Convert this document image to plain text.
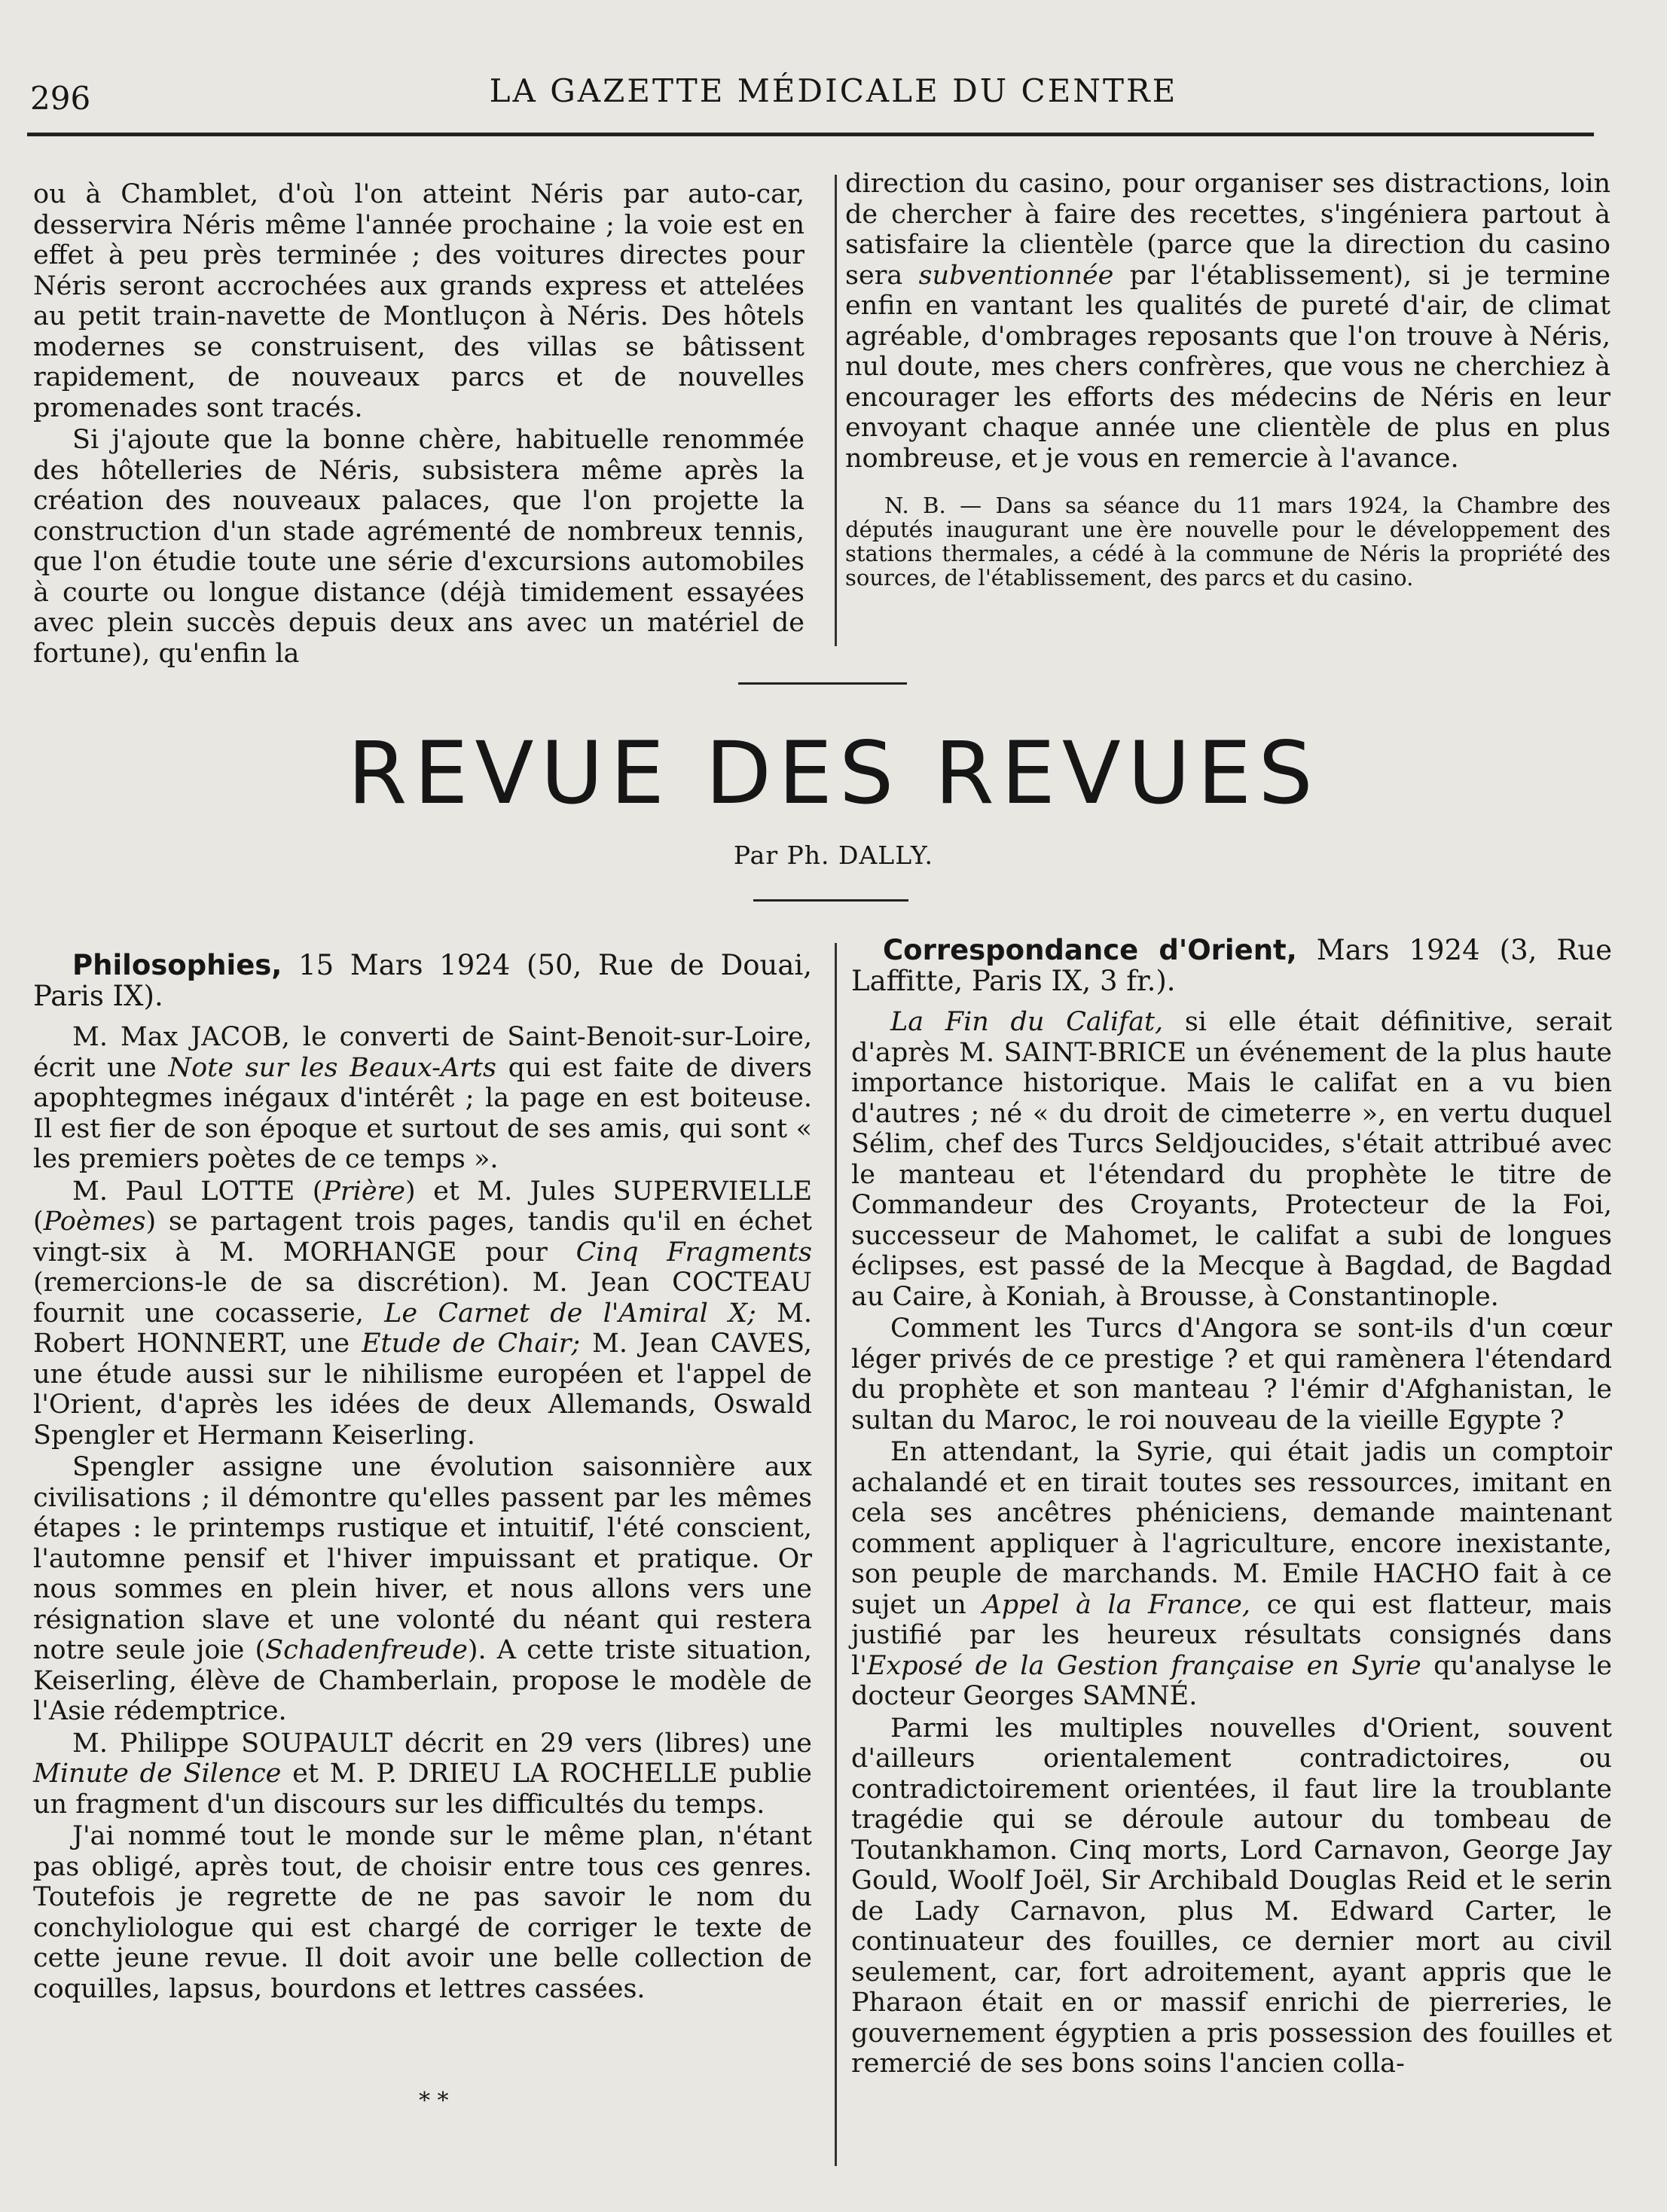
296	LA GAZETTE MÉDICALE DU CENTRE

ou à Chamblet, d'où l'on atteint Néris par auto-car, desservira Néris même l'année prochaine ; la voie est en effet à peu près terminée ; des voitures directes pour Néris seront accrochées aux grands express et attelées au petit train-navette de Montluçon à Néris. Des hôtels modernes se construisent, des villas se bâtissent rapidement, de nouveaux parcs et de nouvelles promenades sont tracés.

Si j'ajoute que la bonne chère, habituelle renommée des hôtelleries de Néris, subsistera même après la création des nouveaux palaces, que l'on projette la construction d'un stade agrémenté de nombreux tennis, que l'on étudie toute une série d'excursions automobiles à courte ou longue distance (déjà timidement essayées avec plein succès depuis deux ans avec un matériel de fortune), qu'enfin la

direction du casino, pour organiser ses distractions, loin de chercher à faire des recettes, s'ingéniera partout à satisfaire la clientèle (parce que la direction du casino sera subventionnée par l'établissement), si je termine enfin en vantant les qualités de pureté d'air, de climat agréable, d'ombrages reposants que l'on trouve à Néris, nul doute, mes chers confrères, que vous ne cherchiez à encourager les efforts des médecins de Néris en leur envoyant chaque année une clientèle de plus en plus nombreuse, et je vous en remercie à l'avance.

N. B. — Dans sa séance du 11 mars 1924, la Chambre des députés inaugurant une ère nouvelle pour le développement des stations thermales, a cédé à la commune de Néris la propriété des sources, de l'établissement, des parcs et du casino.

REVUE DES REVUES
Par Ph. DALLY.

Philosophies, 15 Mars 1924 (50, Rue de Douai, Paris IX).

M. Max JACOB, le converti de Saint-Benoit-sur-Loire, écrit une Note sur les Beaux-Arts qui est faite de divers apophtegmes inégaux d'intérêt ; la page en est boiteuse. Il est fier de son époque et surtout de ses amis, qui sont « les premiers poètes de ce temps ».

M. Paul LOTTE (Prière) et M. Jules SUPERVIELLE (Poèmes) se partagent trois pages, tandis qu'il en échet vingt-six à M. MORHANGE pour Cinq Fragments (remercions-le de sa discrétion). M. Jean COCTEAU fournit une cocasserie, Le Carnet de l'Amiral X; M. Robert HONNERT, une Etude de Chair; M. Jean CAVES, une étude aussi sur le nihilisme européen et l'appel de l'Orient, d'après les idées de deux Allemands, Oswald Spengler et Hermann Keiserling.

Spengler assigne une évolution saisonnière aux civilisations ; il démontre qu'elles passent par les mêmes étapes : le printemps rustique et intuitif, l'été conscient, l'automne pensif et l'hiver impuissant et pratique. Or nous sommes en plein hiver, et nous allons vers une résignation slave et une volonté du néant qui restera notre seule joie (Schadenfreude). A cette triste situation, Keiserling, élève de Chamberlain, propose le modèle de l'Asie rédemptrice.

M. Philippe SOUPAULT décrit en 29 vers (libres) une Minute de Silence et M. P. DRIEU LA ROCHELLE publie un fragment d'un discours sur les difficultés du temps.

J'ai nommé tout le monde sur le même plan, n'étant pas obligé, après tout, de choisir entre tous ces genres. Toutefois je regrette de ne pas savoir le nom du conchyliologue qui est chargé de corriger le texte de cette jeune revue. Il doit avoir une belle collection de coquilles, lapsus, bourdons et lettres cassées.

* *

Correspondance d'Orient, Mars 1924 (3, Rue Laffitte, Paris IX, 3 fr.).

La Fin du Califat, si elle était définitive, serait d'après M. SAINT-BRICE un événement de la plus haute importance historique. Mais le califat en a vu bien d'autres ; né « du droit de cimeterre », en vertu duquel Sélim, chef des Turcs Seldjoucides, s'était attribué avec le manteau et l'étendard du prophète le titre de Commandeur des Croyants, Protecteur de la Foi, successeur de Mahomet, le califat a subi de longues éclipses, est passé de la Mecque à Bagdad, de Bagdad au Caire, à Koniah, à Brousse, à Constantinople.

Comment les Turcs d'Angora se sont-ils d'un cœur léger privés de ce prestige ? et qui ramènera l'étendard du prophète et son manteau ? l'émir d'Afghanistan, le sultan du Maroc, le roi nouveau de la vieille Egypte ?

En attendant, la Syrie, qui était jadis un comptoir achalandé et en tirait toutes ses ressources, imitant en cela ses ancêtres phéniciens, demande maintenant comment appliquer à l'agriculture, encore inexistante, son peuple de marchands. M. Emile HACHO fait à ce sujet un Appel à la France, ce qui est flatteur, mais justifié par les heureux résultats consignés dans l'Exposé de la Gestion française en Syrie qu'analyse le docteur Georges SAMNÉ.

Parmi les multiples nouvelles d'Orient, souvent d'ailleurs orientalement contradictoires, ou contradictoirement orientées, il faut lire la troublante tragédie qui se déroule autour du tombeau de Toutankhamon. Cinq morts, Lord Carnavon, George Jay Gould, Woolf Joël, Sir Archibald Douglas Reid et le serin de Lady Carnavon, plus M. Edward Carter, le continuateur des fouilles, ce dernier mort au civil seulement, car, fort adroitement, ayant appris que le Pharaon était en or massif enrichi de pierreries, le gouvernement égyptien a pris possession des fouilles et remercié de ses bons soins l'ancien colla-
